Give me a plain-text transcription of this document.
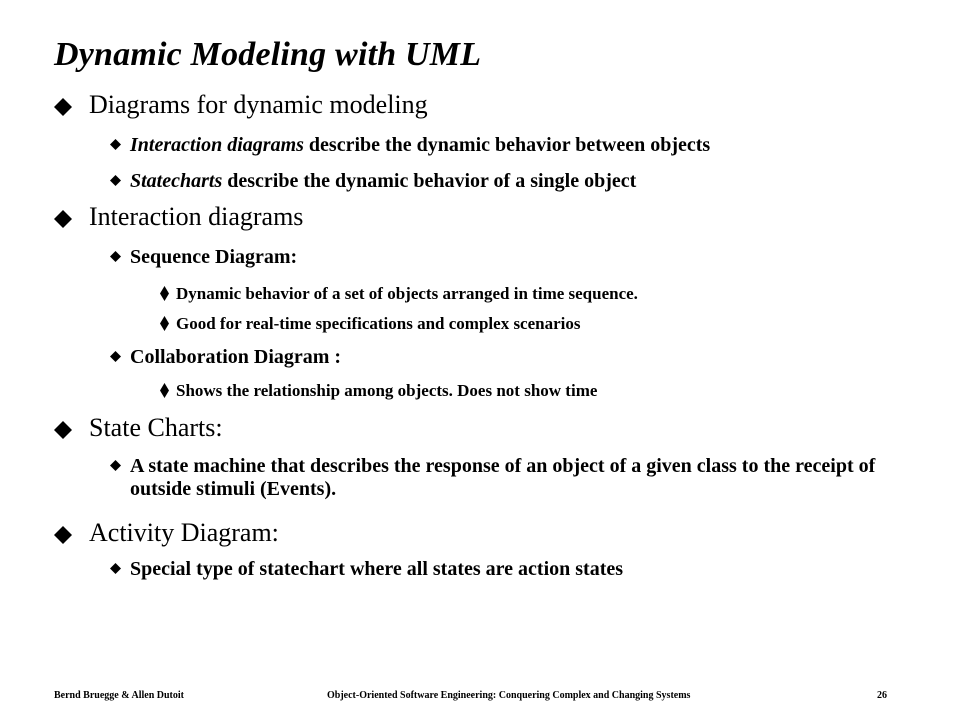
Dynamic Modeling with UML
Diagrams for dynamic modeling
Interaction diagrams describe the dynamic behavior between objects
Statecharts describe the dynamic behavior of a single object
Interaction diagrams
Sequence Diagram:
Dynamic behavior of a set of objects arranged in time sequence.
Good for real-time specifications and complex scenarios
Collaboration Diagram :
Shows the relationship among objects. Does not show time
State Charts:
A state machine that describes the response of an object of a given class to the receipt of outside stimuli (Events).
Activity Diagram:
Special type of statechart where all states are action states
Bernd Bruegge & Allen Dutoit	Object-Oriented Software Engineering: Conquering Complex and Changing Systems	26
